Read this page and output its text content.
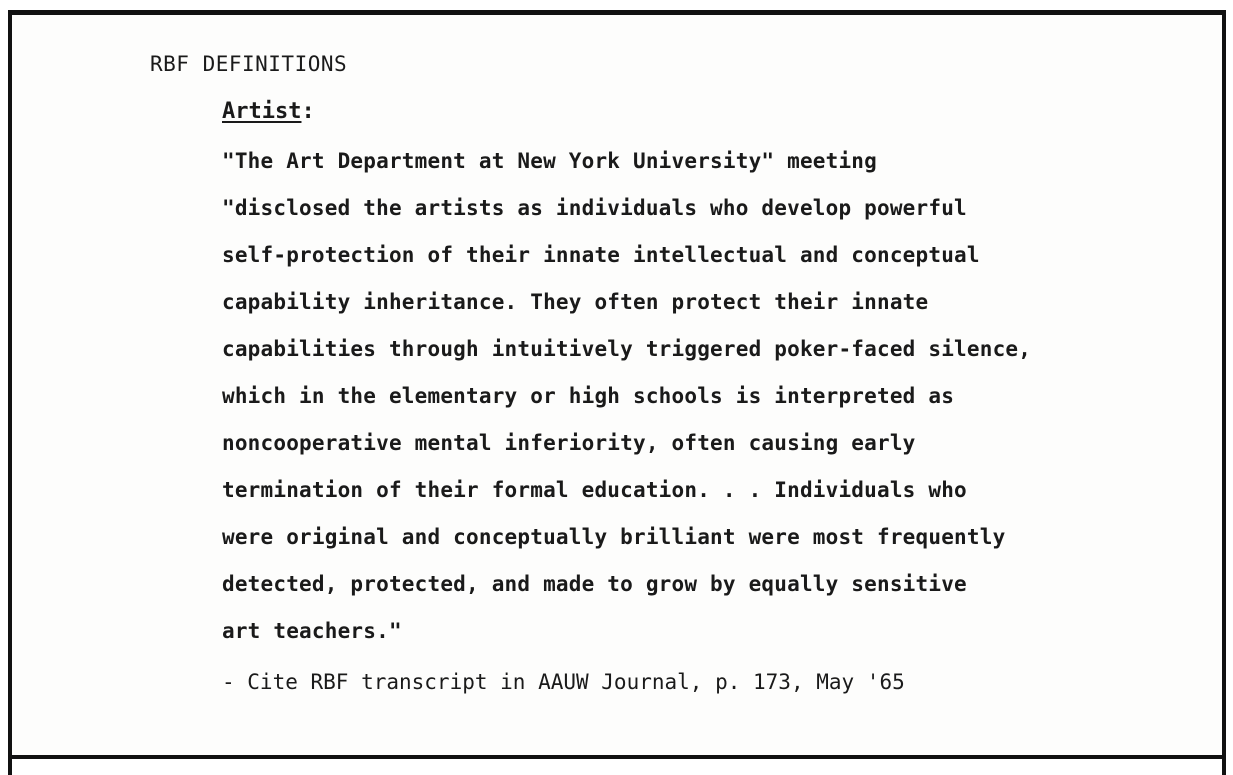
RBF DEFINITIONS
Artist:
"The Art Department at New York University" meeting
"disclosed the artists as individuals who develop powerful
self-protection of their innate intellectual and conceptual
capability inheritance. They often protect their innate
capabilities through intuitively triggered poker-faced silence,
which in the elementary or high schools is interpreted as
noncooperative mental inferiority, often causing early
termination of their formal education. . . Individuals who
were original and conceptually brilliant were most frequently
detected, protected, and made to grow by equally sensitive
art teachers."
- Cite RBF transcript in AAUW Journal, p. 173, May '65
